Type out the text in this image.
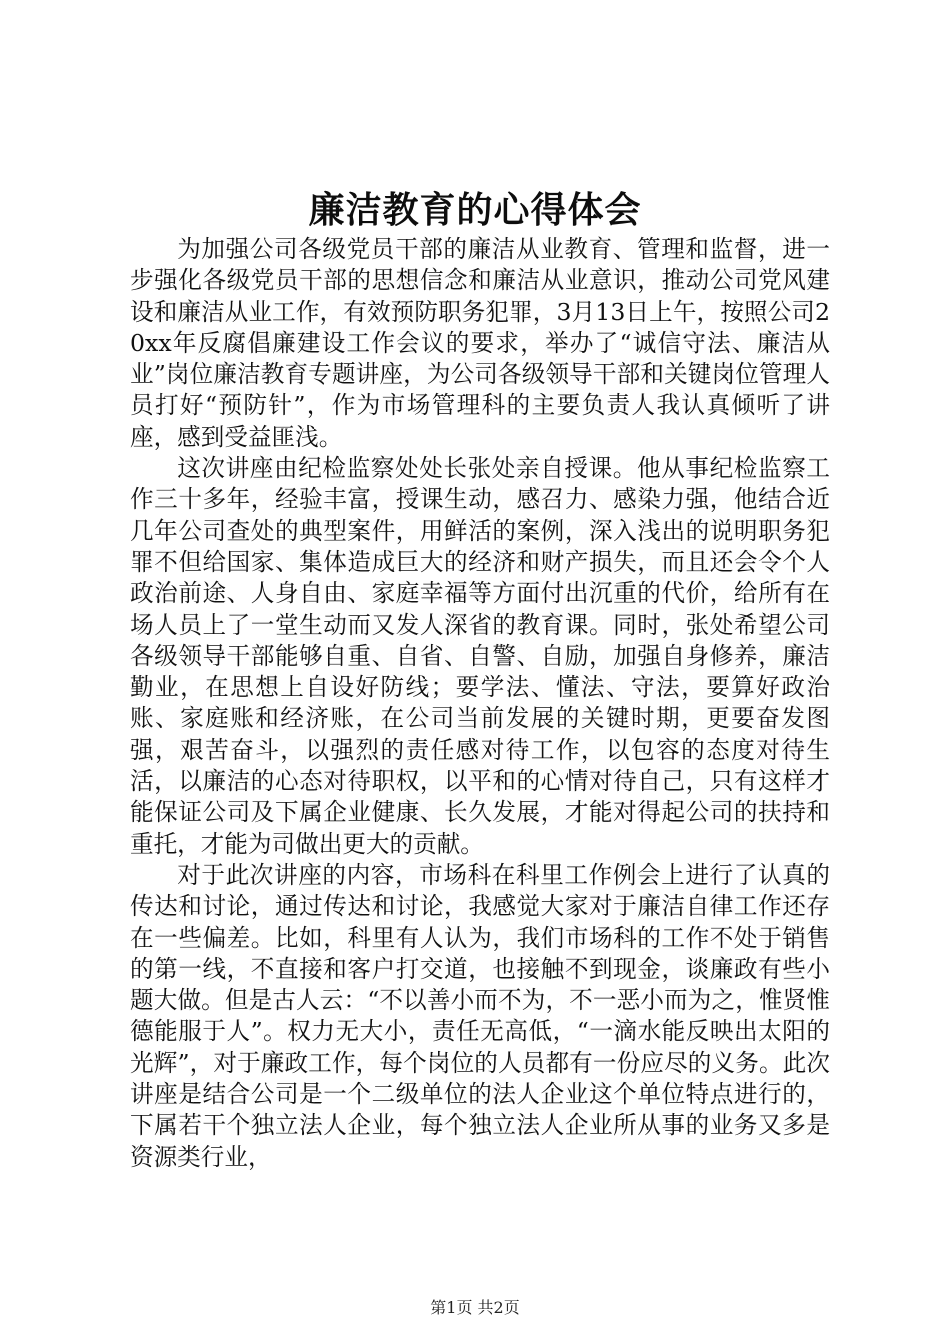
廉洁教育的心得体会

为加强公司各级党员干部的廉洁从业教育、管理和监督，进一步强化各级党员干部的思想信念和廉洁从业意识，推动公司党风建设和廉洁从业工作，有效预防职务犯罪，3月13日上午，按照公司20xx年反腐倡廉建设工作会议的要求，举办了“诚信守法、廉洁从业”岗位廉洁教育专题讲座，为公司各级领导干部和关键岗位管理人员打好“预防针”，作为市场管理科的主要负责人我认真倾听了讲座，感到受益匪浅。

这次讲座由纪检监察处处长张处亲自授课。他从事纪检监察工作三十多年，经验丰富，授课生动，感召力、感染力强，他结合近几年公司查处的典型案件，用鲜活的案例，深入浅出的说明职务犯罪不但给国家、集体造成巨大的经济和财产损失，而且还会令个人政治前途、人身自由、家庭幸福等方面付出沉重的代价，给所有在场人员上了一堂生动而又发人深省的教育课。同时，张处希望公司各级领导干部能够自重、自省、自警、自励，加强自身修养，廉洁勤业，在思想上自设好防线；要学法、懂法、守法，要算好政治账、家庭账和经济账，在公司当前发展的关键时期，更要奋发图强，艰苦奋斗，以强烈的责任感对待工作，以包容的态度对待生活，以廉洁的心态对待职权，以平和的心情对待自己，只有这样才能保证公司及下属企业健康、长久发展，才能对得起公司的扶持和重托，才能为司做出更大的贡献。

对于此次讲座的内容，市场科在科里工作例会上进行了认真的传达和讨论，通过传达和讨论，我感觉大家对于廉洁自律工作还存在一些偏差。比如，科里有人认为，我们市场科的工作不处于销售的第一线，不直接和客户打交道，也接触不到现金，谈廉政有些小题大做。但是古人云：“不以善小而不为，不一恶小而为之，惟贤惟德能服于人”。权力无大小，责任无高低，“一滴水能反映出太阳的光辉”，对于廉政工作，每个岗位的人员都有一份应尽的义务。此次讲座是结合公司是一个二级单位的法人企业这个单位特点进行的，下属若干个独立法人企业，每个独立法人企业所从事的业务又多是资源类行业，

第1页 共2页
